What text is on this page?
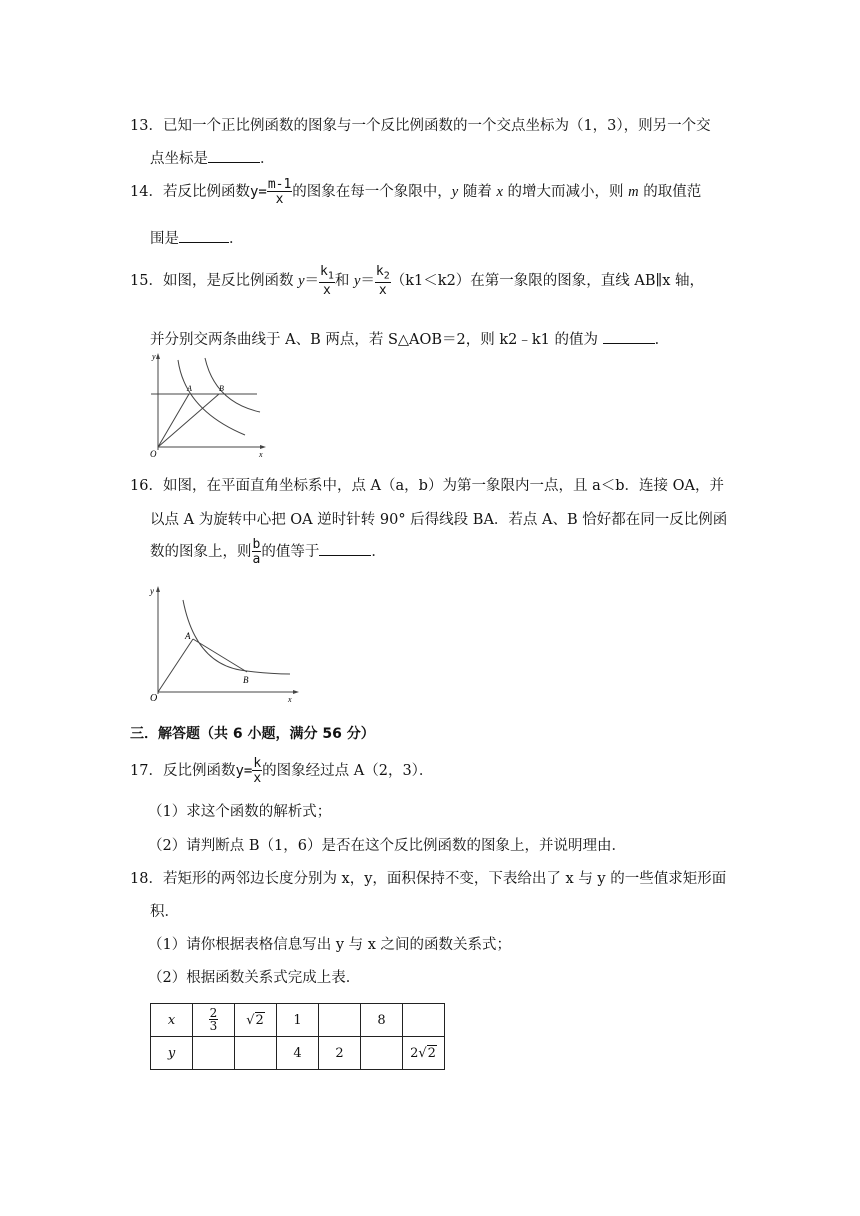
13．已知一个正比例函数的图象与一个反比例函数的一个交点坐标为（1，3），则另一个交
点坐标是	．
14．若反比例函数$y= \frac{m-1}{x}$ 的图象在每一个象限中，y 随着 x 的增大而减小，则 m 的取值范
围是	．
15．如图，是反比例函数 $y= \frac{k_1}{x}$ 和 $y= \frac{k_2}{x} (k1<k2)$在第一象限的图象，直线 AB∥x 轴，
并分别交两条曲线于 A、B 两点，若 S△AOB＝2，则 k2﹣k1 的值为	．
y
O	x
A	B
16．如图，在平面直角坐标系中，点 A（a，b）为第一象限内一点，且 a＜b．连接 OA，并
以点 A 为旋转中心把 OA 逆时针转 90° 后得线段 BA．若点 A、B 恰好都在同一反比例函
数的图象上，则 $\frac{b}{a}$ 的值等于	．
y
O	x
A
B
三．解答题（共 6 小题，满分 56 分）
17．反比例函数$y= \frac{k}{x}$ 的图象经过点 A（2，3）．
（1）求这个函数的解析式；
（2）请判断点 B（1，6）是否在这个反比例函数的图象上，并说明理由．
18．若矩形的两邻边长度分别为 x，y，面积保持不变，下表给出了 x 与 y 的一些值求矩形面
积．
（1）请你根据表格信息写出 y 与 x 之间的函数关系式；
（2）根据函数关系式完成上表．
x	$\frac{2}{3}$	√2	1		8	
y			4	2		2√2
